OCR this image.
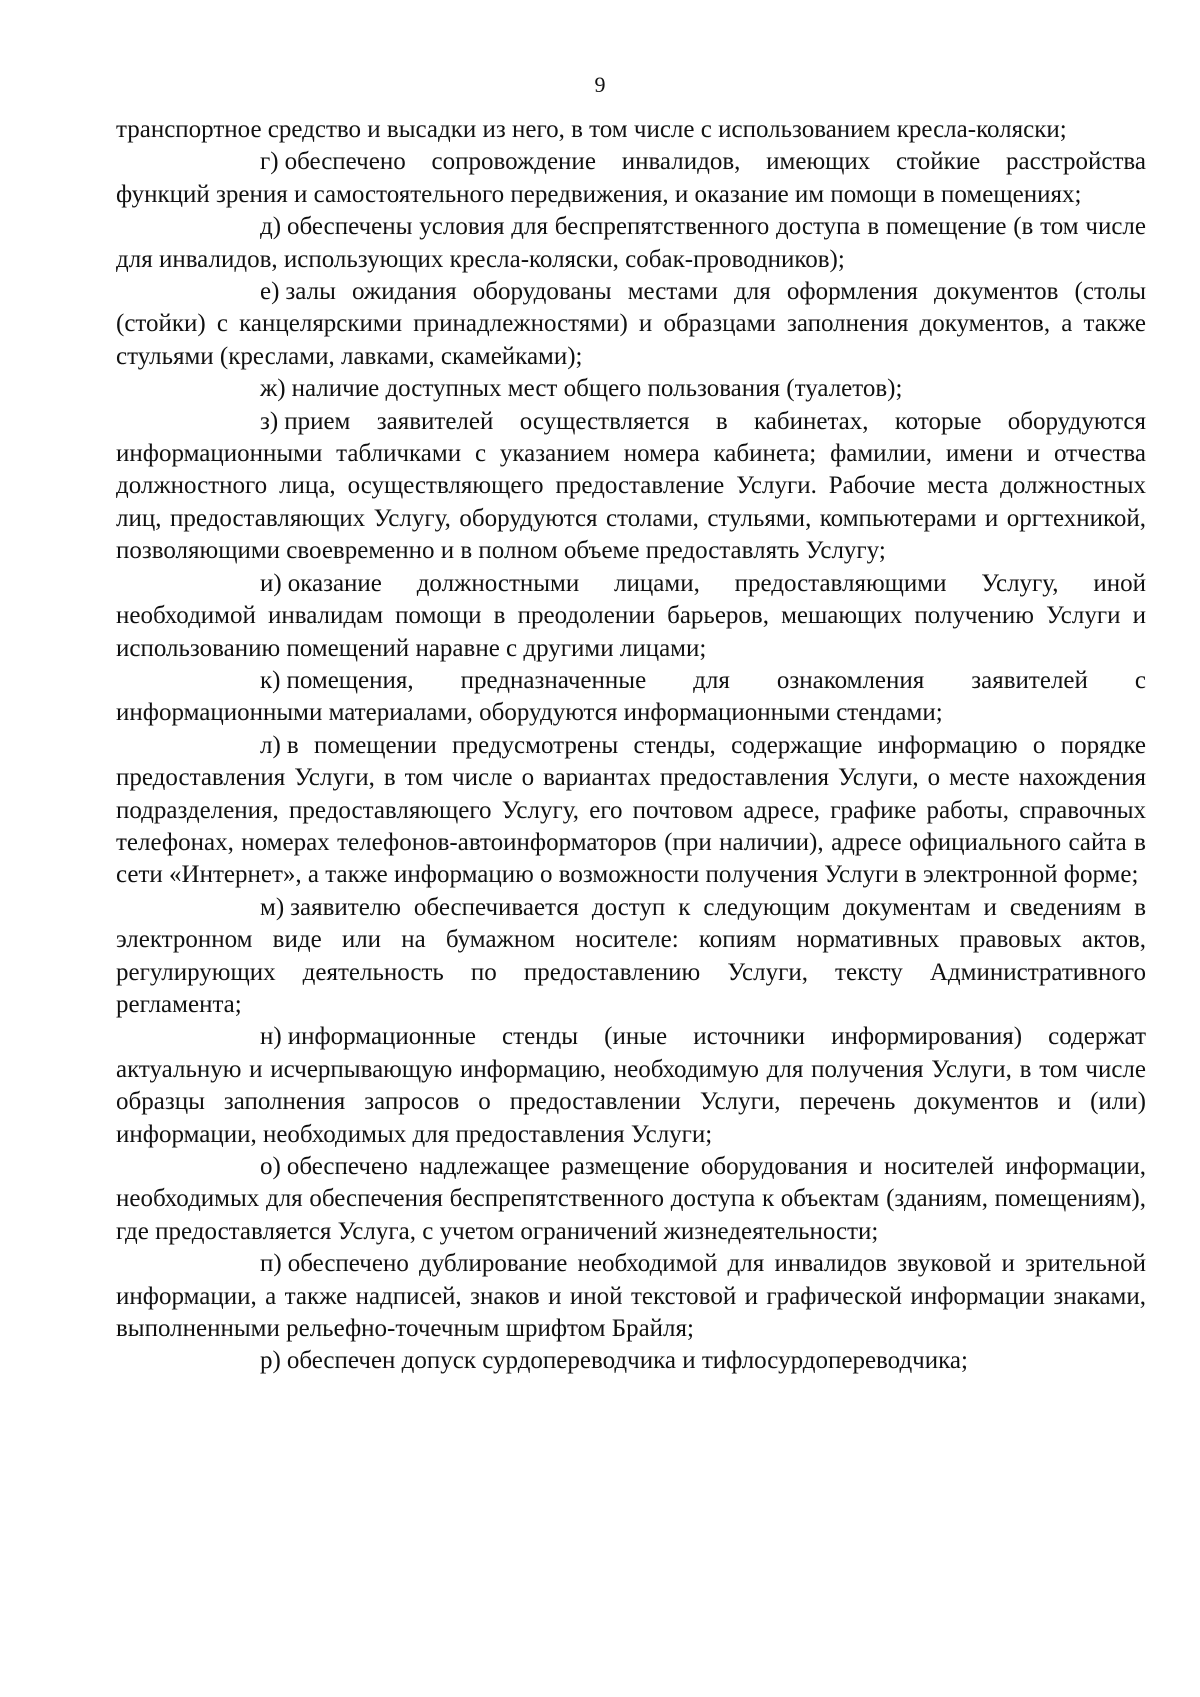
9

транспортное средство и высадки из него, в том числе с использованием кресла-коляски;

г) обеспечено сопровождение инвалидов, имеющих стойкие расстройства функций зрения и самостоятельного передвижения, и оказание им помощи в помещениях;

д) обеспечены условия для беспрепятственного доступа в помещение (в том числе для инвалидов, использующих кресла-коляски, собак-проводников);

е) залы ожидания оборудованы местами для оформления документов (столы (стойки) с канцелярскими принадлежностями) и образцами заполнения документов, а также стульями (креслами, лавками, скамейками);

ж) наличие доступных мест общего пользования (туалетов);

з) прием заявителей осуществляется в кабинетах, которые оборудуются информационными табличками с указанием номера кабинета; фамилии, имени и отчества должностного лица, осуществляющего предоставление Услуги. Рабочие места должностных лиц, предоставляющих Услугу, оборудуются столами, стульями, компьютерами и оргтехникой, позволяющими своевременно и в полном объеме предоставлять Услугу;

и) оказание должностными лицами, предоставляющими Услугу, иной необходимой инвалидам помощи в преодолении барьеров, мешающих получению Услуги и использованию помещений наравне с другими лицами;

к) помещения, предназначенные для ознакомления заявителей с информационными материалами, оборудуются информационными стендами;

л) в помещении предусмотрены стенды, содержащие информацию о порядке предоставления Услуги, в том числе о вариантах предоставления Услуги, о месте нахождения подразделения, предоставляющего Услугу, его почтовом адресе, графике работы, справочных телефонах, номерах телефонов-автоинформаторов (при наличии), адресе официального сайта в сети «Интернет», а также информацию о возможности получения Услуги в электронной форме;

м) заявителю обеспечивается доступ к следующим документам и сведениям в электронном виде или на бумажном носителе: копиям нормативных правовых актов, регулирующих деятельность по предоставлению Услуги, тексту Административного регламента;

н) информационные стенды (иные источники информирования) содержат актуальную и исчерпывающую информацию, необходимую для получения Услуги, в том числе образцы заполнения запросов о предоставлении Услуги, перечень документов и (или) информации, необходимых для предоставления Услуги;

о) обеспечено надлежащее размещение оборудования и носителей информации, необходимых для обеспечения беспрепятственного доступа к объектам (зданиям, помещениям), где предоставляется Услуга, с учетом ограничений жизнедеятельности;

п) обеспечено дублирование необходимой для инвалидов звуковой и зрительной информации, а также надписей, знаков и иной текстовой и графической информации знаками, выполненными рельефно-точечным шрифтом Брайля;

р) обеспечен допуск сурдопереводчика и тифлосурдопереводчика;
